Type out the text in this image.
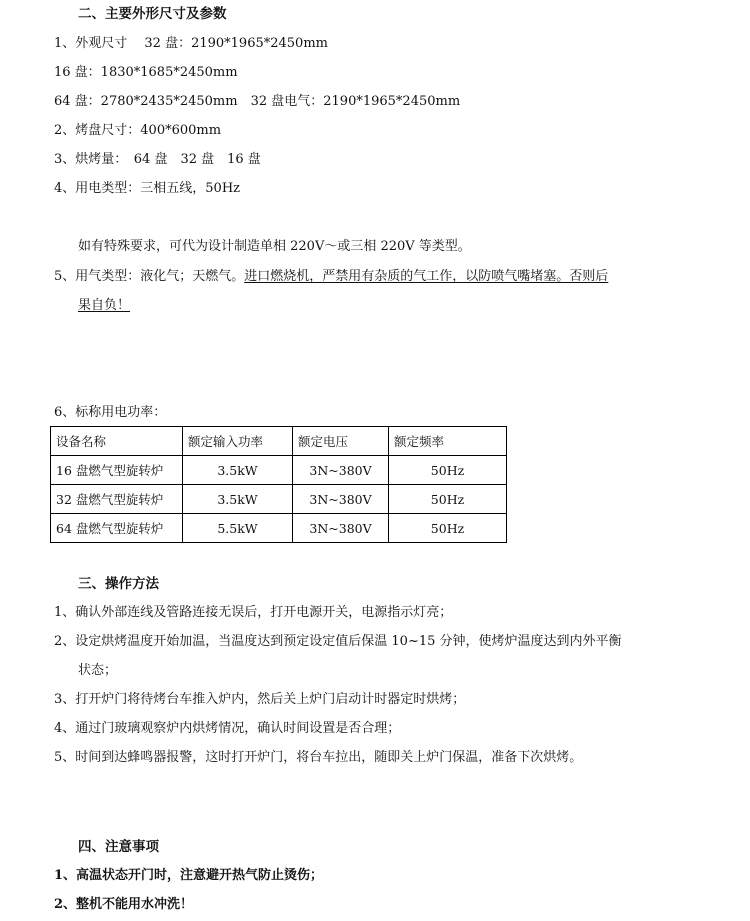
二、主要外形尺寸及参数
1、外观尺寸　 32 盘：2190*1965*2450mm
16 盘：1830*1685*2450mm
64 盘：2780*2435*2450mm　32 盘电气：2190*1965*2450mm
2、烤盘尺寸：400*600mm
3、烘烤量：　64 盘　32 盘　16 盘
4、用电类型：三相五线，50Hz
如有特殊要求，可代为设计制造单相 220V～或三相 220V 等类型。
5、用气类型：液化气；天燃气。进口燃烧机，严禁用有杂质的气工作，以防喷气嘴堵塞。否则后
果自负！
6、标称用电功率：
设备名称	额定输入功率	额定电压	额定频率
16 盘燃气型旋转炉	3.5kW	3N~380V	50Hz
32 盘燃气型旋转炉	3.5kW	3N~380V	50Hz
64 盘燃气型旋转炉	5.5kW	3N~380V	50Hz
三、操作方法
1、确认外部连线及管路连接无误后，打开电源开关，电源指示灯亮；
2、设定烘烤温度开始加温，当温度达到预定设定值后保温 10~15 分钟，使烤炉温度达到内外平衡
状态；
3、打开炉门将待烤台车推入炉内，然后关上炉门启动计时器定时烘烤；
4、通过门玻璃观察炉内烘烤情况，确认时间设置是否合理；
5、时间到达蜂鸣器报警，这时打开炉门，将台车拉出，随即关上炉门保温，准备下次烘烤。
四、注意事项
1、高温状态开门时，注意避开热气防止烫伤；
2、整机不能用水冲洗！
